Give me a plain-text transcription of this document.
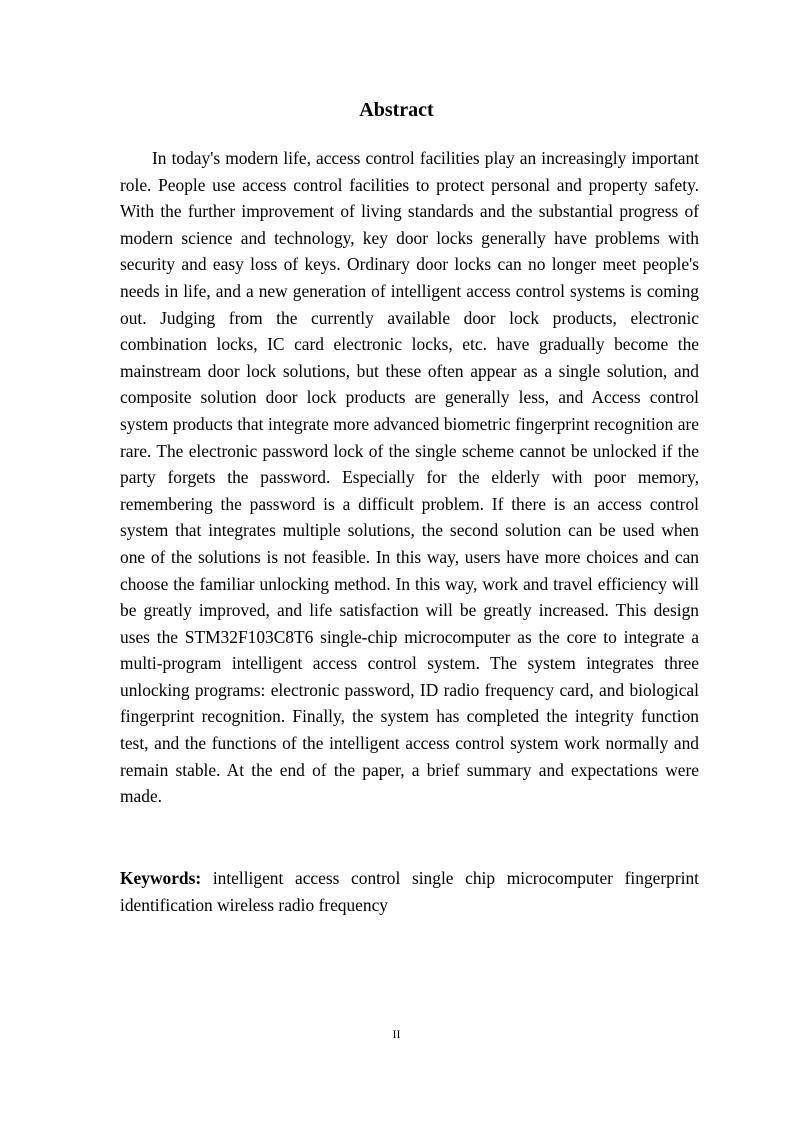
Abstract

In today's modern life, access control facilities play an increasingly important role. People use access control facilities to protect personal and property safety. With the further improvement of living standards and the substantial progress of modern science and technology, key door locks generally have problems with security and easy loss of keys. Ordinary door locks can no longer meet people's needs in life, and a new generation of intelligent access control systems is coming out. Judging from the currently available door lock products, electronic combination locks, IC card electronic locks, etc. have gradually become the mainstream door lock solutions, but these often appear as a single solution, and composite solution door lock products are generally less, and Access control system products that integrate more advanced biometric fingerprint recognition are rare. The electronic password lock of the single scheme cannot be unlocked if the party forgets the password. Especially for the elderly with poor memory, remembering the password is a difficult problem. If there is an access control system that integrates multiple solutions, the second solution can be used when one of the solutions is not feasible. In this way, users have more choices and can choose the familiar unlocking method. In this way, work and travel efficiency will be greatly improved, and life satisfaction will be greatly increased. This design uses the STM32F103C8T6 single-chip microcomputer as the core to integrate a multi-program intelligent access control system. The system integrates three unlocking programs: electronic password, ID radio frequency card, and biological fingerprint recognition. Finally, the system has completed the integrity function test, and the functions of the intelligent access control system work normally and remain stable. At the end of the paper, a brief summary and expectations were made.

Keywords: intelligent access control single chip microcomputer fingerprint identification wireless radio frequency

II
